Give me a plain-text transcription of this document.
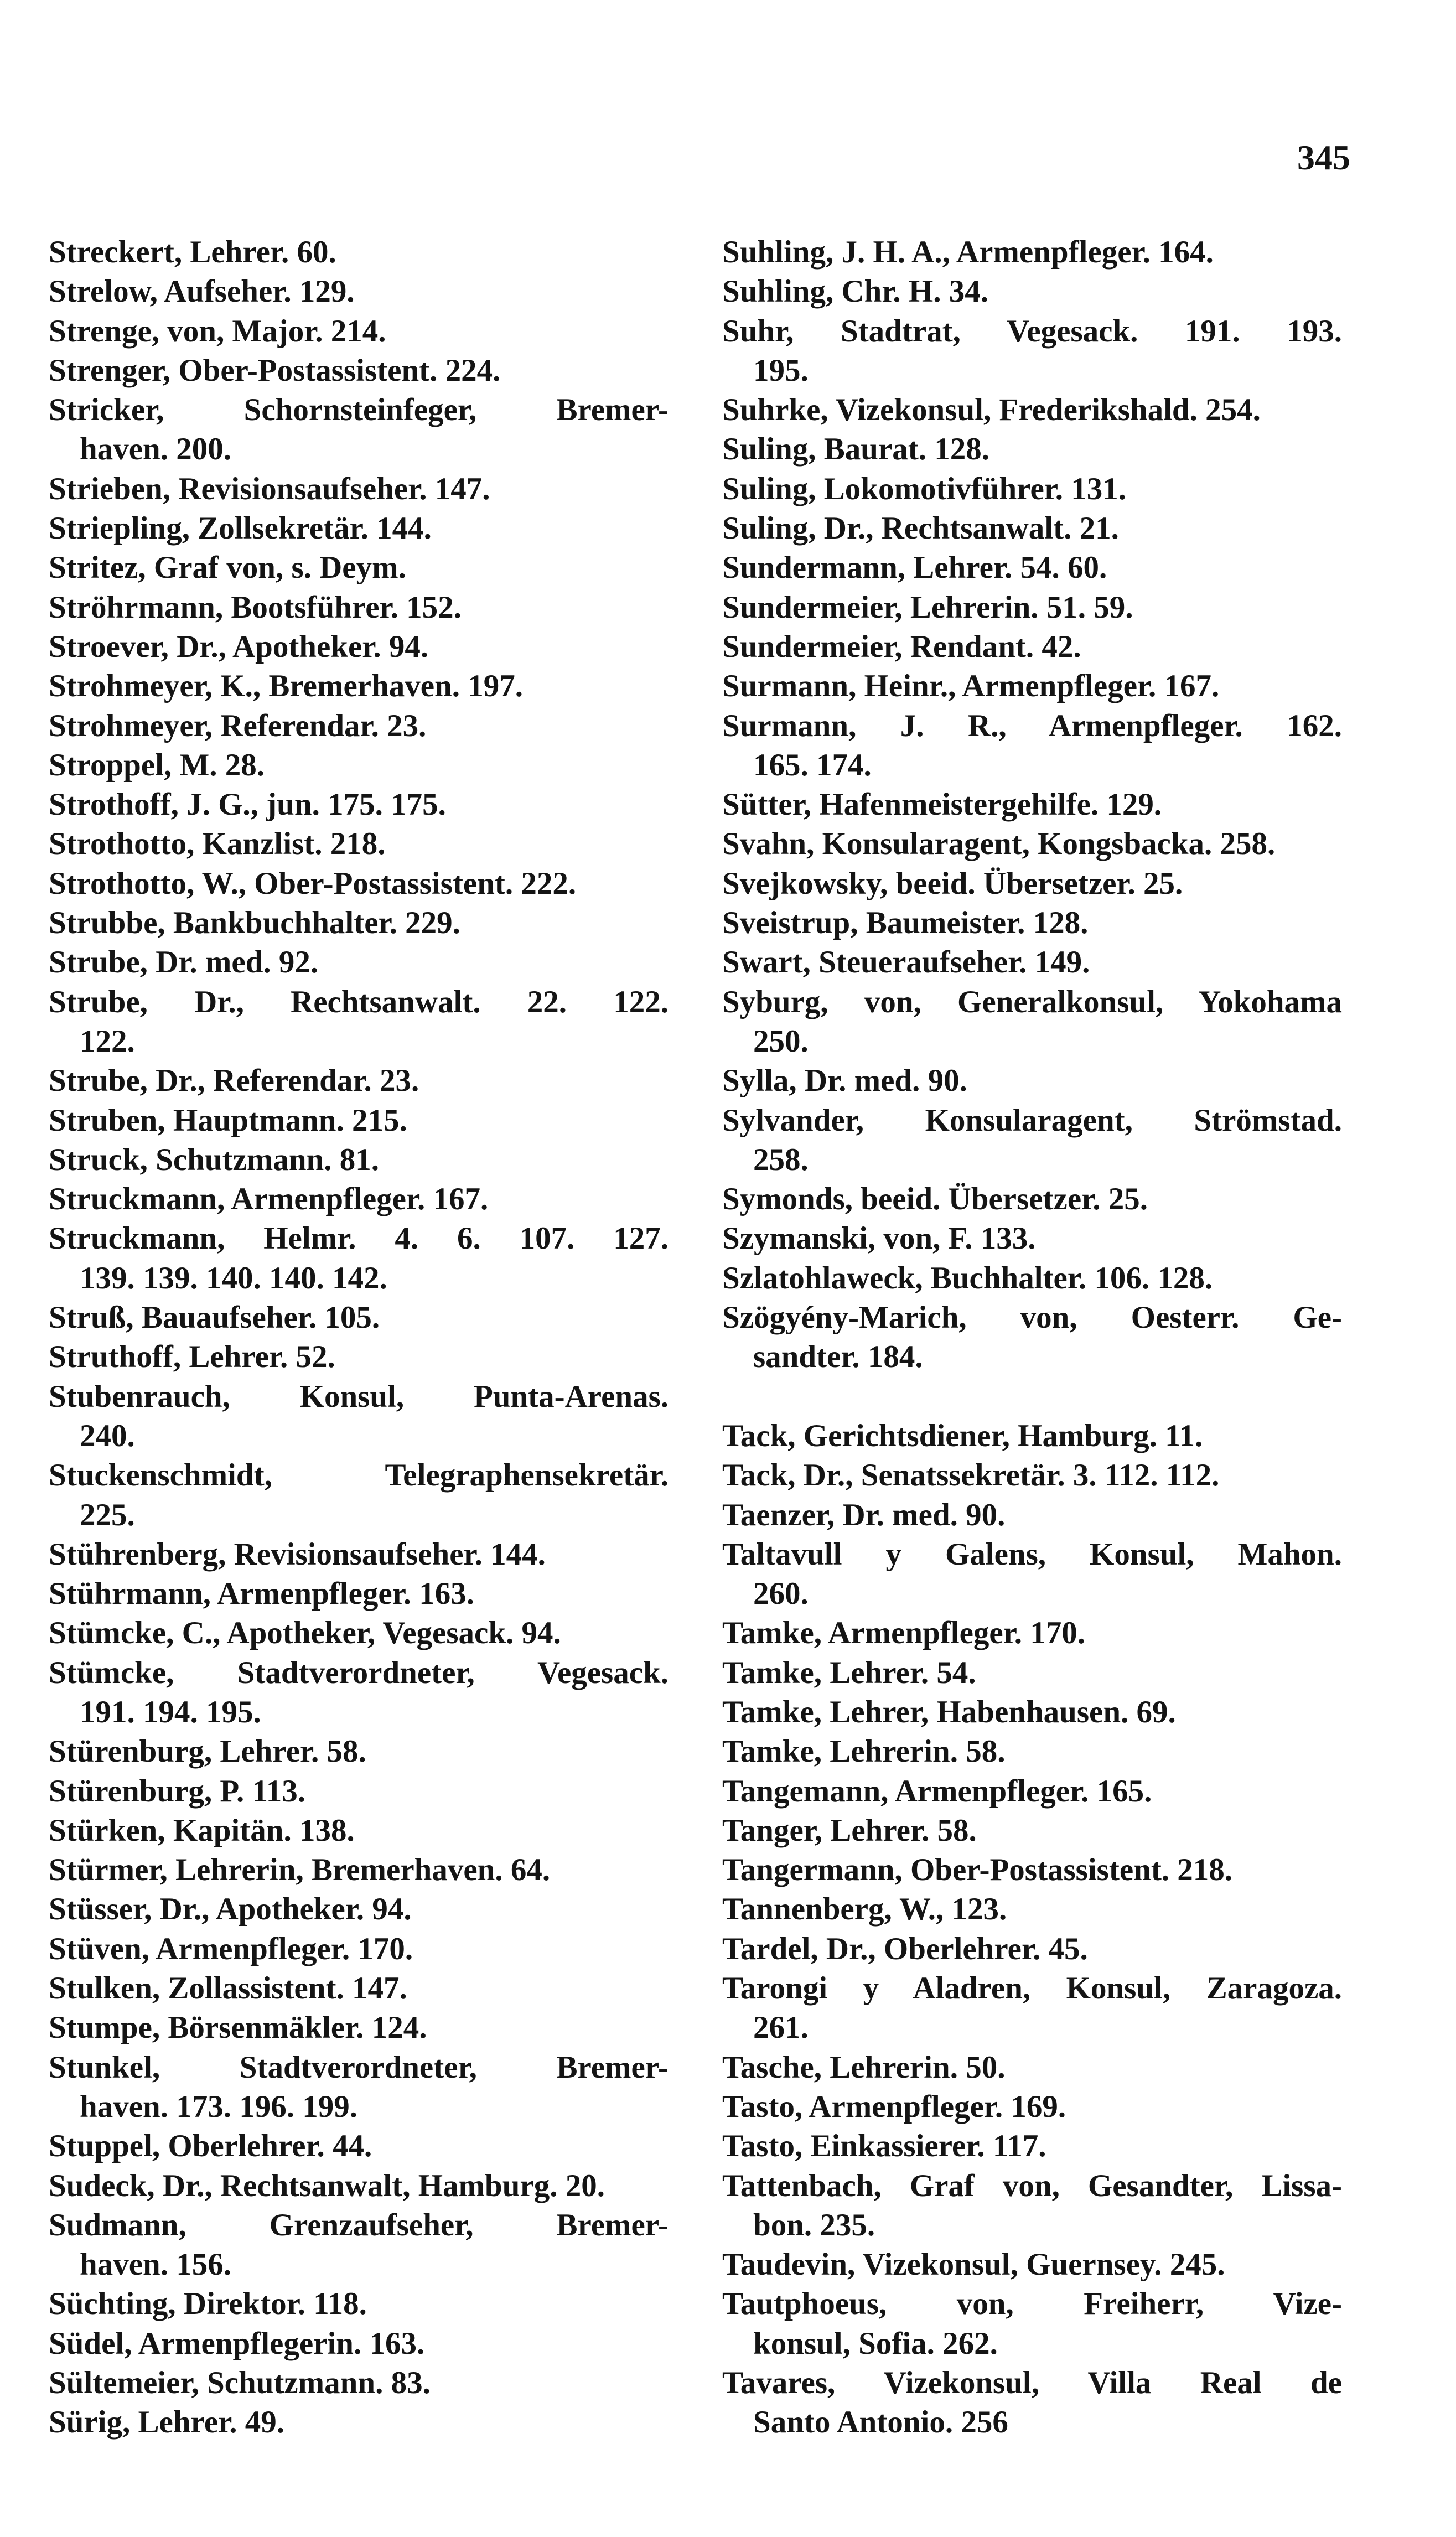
345
Streckert, Lehrer. 60.
Strelow, Aufseher. 129.
Strenge, von, Major. 214.
Strenger, Ober-Postassistent. 224.
Stricker, Schornsteinfeger, Bremer-
haven. 200.
Strieben, Revisionsaufseher. 147.
Striepling, Zollsekretär. 144.
Stritez, Graf von, s. Deym.
Ströhrmann, Bootsführer. 152.
Stroever, Dr., Apotheker. 94.
Strohmeyer, K., Bremerhaven. 197.
Strohmeyer, Referendar. 23.
Stroppel, M. 28.
Strothoff, J. G., jun. 175. 175.
Strothotto, Kanzlist. 218.
Strothotto, W., Ober-Postassistent. 222.
Strubbe, Bankbuchhalter. 229.
Strube, Dr. med. 92.
Strube, Dr., Rechtsanwalt. 22. 122.
122.
Strube, Dr., Referendar. 23.
Struben, Hauptmann. 215.
Struck, Schutzmann. 81.
Struckmann, Armenpfleger. 167.
Struckmann, Helmr. 4. 6. 107. 127.
139. 139. 140. 140. 142.
Struß, Bauaufseher. 105.
Struthoff, Lehrer. 52.
Stubenrauch, Konsul, Punta-Arenas.
240.
Stuckenschmidt, Telegraphensekretär.
225.
Stührenberg, Revisionsaufseher. 144.
Stührmann, Armenpfleger. 163.
Stümcke, C., Apotheker, Vegesack. 94.
Stümcke, Stadtverordneter, Vegesack.
191. 194. 195.
Stürenburg, Lehrer. 58.
Stürenburg, P. 113.
Stürken, Kapitän. 138.
Stürmer, Lehrerin, Bremerhaven. 64.
Stüsser, Dr., Apotheker. 94.
Stüven, Armenpfleger. 170.
Stulken, Zollassistent. 147.
Stumpe, Börsenmäkler. 124.
Stunkel, Stadtverordneter, Bremer-
haven. 173. 196. 199.
Stuppel, Oberlehrer. 44.
Sudeck, Dr., Rechtsanwalt, Hamburg. 20.
Sudmann, Grenzaufseher, Bremer-
haven. 156.
Süchting, Direktor. 118.
Südel, Armenpflegerin. 163.
Sültemeier, Schutzmann. 83.
Sürig, Lehrer. 49.
Suhling, J. H. A., Armenpfleger. 164.
Suhling, Chr. H. 34.
Suhr, Stadtrat, Vegesack. 191. 193.
195.
Suhrke, Vizekonsul, Frederikshald. 254.
Suling, Baurat. 128.
Suling, Lokomotivführer. 131.
Suling, Dr., Rechtsanwalt. 21.
Sundermann, Lehrer. 54. 60.
Sundermeier, Lehrerin. 51. 59.
Sundermeier, Rendant. 42.
Surmann, Heinr., Armenpfleger. 167.
Surmann, J. R., Armenpfleger. 162.
165. 174.
Sütter, Hafenmeistergehilfe. 129.
Svahn, Konsularagent, Kongsbacka. 258.
Svejkowsky, beeid. Übersetzer. 25.
Sveistrup, Baumeister. 128.
Swart, Steueraufseher. 149.
Syburg, von, Generalkonsul, Yokohama
250.
Sylla, Dr. med. 90.
Sylvander, Konsularagent, Strömstad.
258.
Symonds, beeid. Übersetzer. 25.
Szymanski, von, F. 133.
Szlatohlaweck, Buchhalter. 106. 128.
Szögyény-Marich, von, Oesterr. Ge-
sandter. 184.
Tack, Gerichtsdiener, Hamburg. 11.
Tack, Dr., Senatssekretär. 3. 112. 112.
Taenzer, Dr. med. 90.
Taltavull y Galens, Konsul, Mahon.
260.
Tamke, Armenpfleger. 170.
Tamke, Lehrer. 54.
Tamke, Lehrer, Habenhausen. 69.
Tamke, Lehrerin. 58.
Tangemann, Armenpfleger. 165.
Tanger, Lehrer. 58.
Tangermann, Ober-Postassistent. 218.
Tannenberg, W., 123.
Tardel, Dr., Oberlehrer. 45.
Tarongi y Aladren, Konsul, Zaragoza.
261.
Tasche, Lehrerin. 50.
Tasto, Armenpfleger. 169.
Tasto, Einkassierer. 117.
Tattenbach, Graf von, Gesandter, Lissa-
bon. 235.
Taudevin, Vizekonsul, Guernsey. 245.
Tautphoeus, von, Freiherr, Vize-
konsul, Sofia. 262.
Tavares, Vizekonsul, Villa Real de
Santo Antonio. 256
